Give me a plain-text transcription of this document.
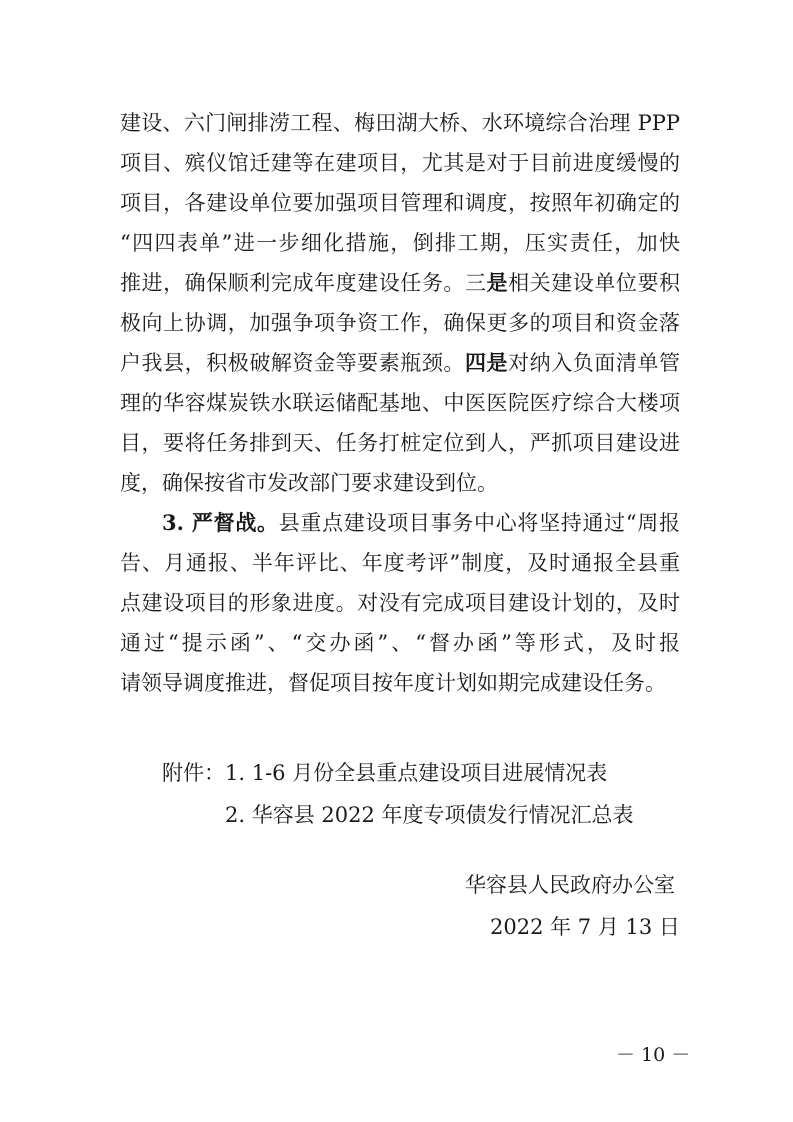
建设、六门闸排涝工程、梅田湖大桥、水环境综合治理 PPP
项目、殡仪馆迁建等在建项目，尤其是对于目前进度缓慢的
项目，各建设单位要加强项目管理和调度，按照年初确定的
“四四表单”进一步细化措施，倒排工期，压实责任，加快
推进，确保顺利完成年度建设任务。三是相关建设单位要积
极向上协调，加强争项争资工作，确保更多的项目和资金落
户我县，积极破解资金等要素瓶颈。四是对纳入负面清单管
理的华容煤炭铁水联运储配基地、中医医院医疗综合大楼项
目，要将任务排到天、任务打桩定位到人，严抓项目建设进
度，确保按省市发改部门要求建设到位。
3. 严督战。县重点建设项目事务中心将坚持通过“周报
告、月通报、半年评比、年度考评”制度，及时通报全县重
点建设项目的形象进度。对没有完成项目建设计划的，及时
通过“提示函”、“交办函”、“督办函”等形式，及时报
请领导调度推进，督促项目按年度计划如期完成建设任务。
附件：1. 1-6 月份全县重点建设项目进展情况表
2. 华容县 2022 年度专项债发行情况汇总表
华容县人民政府办公室
2022 年 7 月 13 日
－ 10 －
